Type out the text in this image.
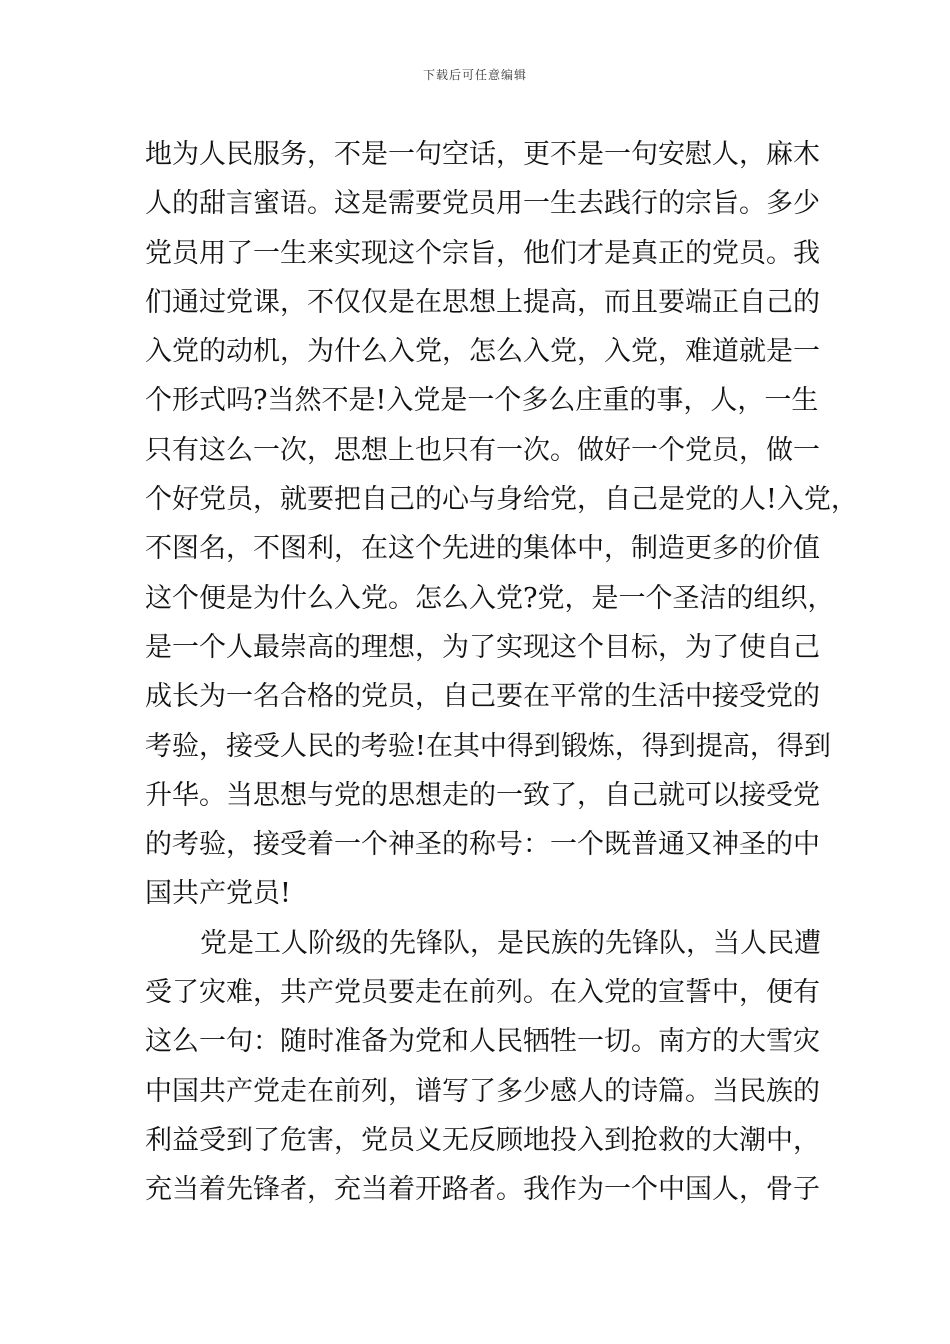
下载后可任意编辑
地为人民服务，不是一句空话，更不是一句安慰人，麻木
人的甜言蜜语。这是需要党员用一生去践行的宗旨。多少
党员用了一生来实现这个宗旨，他们才是真正的党员。我
们通过党课，不仅仅是在思想上提高，而且要端正自己的
入党的动机，为什么入党，怎么入党，入党，难道就是一
个形式吗?当然不是!入党是一个多么庄重的事，人，一生
只有这么一次，思想上也只有一次。做好一个党员，做一
个好党员，就要把自己的心与身给党，自己是党的人!入党，
不图名，不图利，在这个先进的集体中，制造更多的价值
这个便是为什么入党。怎么入党?党，是一个圣洁的组织，
是一个人最崇高的理想，为了实现这个目标，为了使自己
成长为一名合格的党员，自己要在平常的生活中接受党的
考验，接受人民的考验!在其中得到锻炼，得到提高，得到
升华。当思想与党的思想走的一致了，自己就可以接受党
的考验，接受着一个神圣的称号：一个既普通又神圣的中
国共产党员!
党是工人阶级的先锋队，是民族的先锋队，当人民遭
受了灾难，共产党员要走在前列。在入党的宣誓中，便有
这么一句：随时准备为党和人民牺牲一切。南方的大雪灾
中国共产党走在前列，谱写了多少感人的诗篇。当民族的
利益受到了危害，党员义无反顾地投入到抢救的大潮中，
充当着先锋者，充当着开路者。我作为一个中国人，骨子
